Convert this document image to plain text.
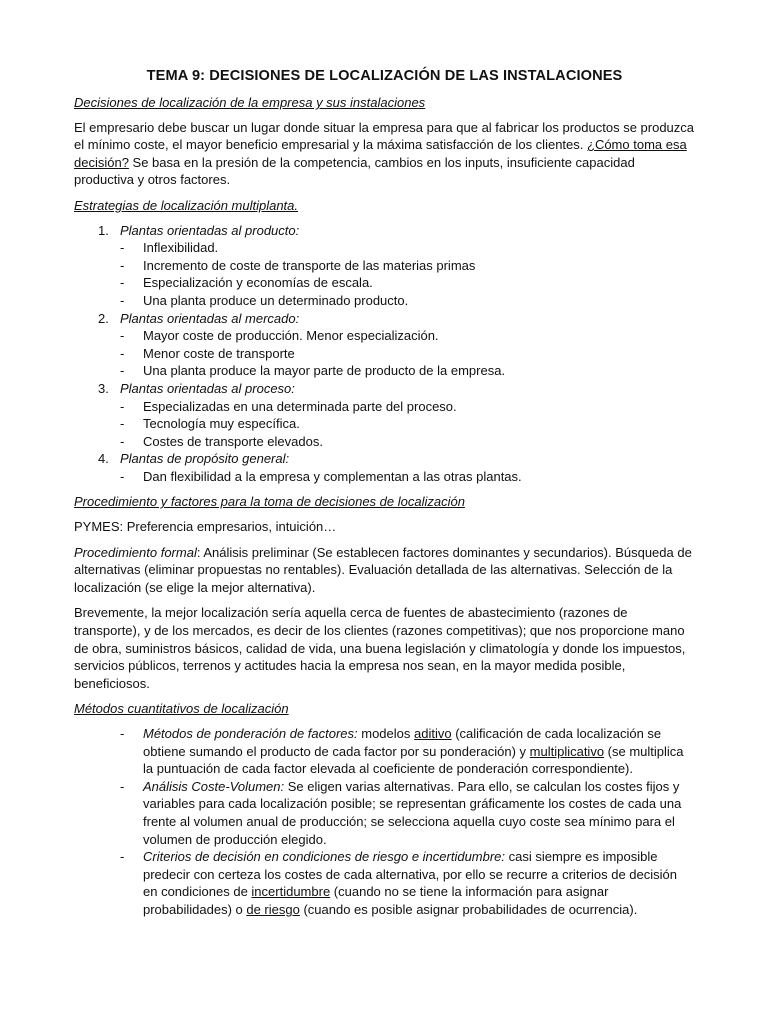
TEMA 9: DECISIONES DE LOCALIZACIÓN DE LAS INSTALACIONES
Decisiones de localización de la empresa y sus instalaciones

El empresario debe buscar un lugar donde situar la empresa para que al fabricar los productos se produzca el mínimo coste, el mayor beneficio empresarial y la máxima satisfacción de los clientes. ¿Cómo toma esa decisión? Se basa en la presión de la competencia, cambios en los inputs, insuficiente capacidad productiva y otros factores.

Estrategias de localización multiplanta.
1. Plantas orientadas al producto:
- Inflexibilidad.
- Incremento de coste de transporte de las materias primas
- Especialización y economías de escala.
- Una planta produce un determinado producto.
2. Plantas orientadas al mercado:
- Mayor coste de producción. Menor especialización.
- Menor coste de transporte
- Una planta produce la mayor parte de producto de la empresa.
3. Plantas orientadas al proceso:
- Especializadas en una determinada parte del proceso.
- Tecnología muy específica.
- Costes de transporte elevados.
4. Plantas de propósito general:
- Dan flexibilidad a la empresa y complementan a las otras plantas.
Procedimiento y factores para la toma de decisiones de localización

PYMES: Preferencia empresarios, intuición…

Procedimiento formal: Análisis preliminar (Se establecen factores dominantes y secundarios). Búsqueda de alternativas (eliminar propuestas no rentables). Evaluación detallada de las alternativas. Selección de la localización (se elige la mejor alternativa).

Brevemente, la mejor localización sería aquella cerca de fuentes de abastecimiento (razones de transporte), y de los mercados, es decir de los clientes (razones competitivas); que nos proporcione mano de obra, suministros básicos, calidad de vida, una buena legislación y climatología y donde los impuestos, servicios públicos, terrenos y actitudes hacia la empresa nos sean, en la mayor medida posible, beneficiosos.

Métodos cuantitativos de localización
- Métodos de ponderación de factores: modelos aditivo (calificación de cada localización se obtiene sumando el producto de cada factor por su ponderación) y multiplicativo (se multiplica la puntuación de cada factor elevada al coeficiente de ponderación correspondiente).
- Análisis Coste-Volumen: Se eligen varias alternativas. Para ello, se calculan los costes fijos y variables para cada localización posible; se representan gráficamente los costes de cada una frente al volumen anual de producción; se selecciona aquella cuyo coste sea mínimo para el volumen de producción elegido.
- Criterios de decisión en condiciones de riesgo e incertidumbre: casi siempre es imposible predecir con certeza los costes de cada alternativa, por ello se recurre a criterios de decisión en condiciones de incertidumbre (cuando no se tiene la información para asignar probabilidades) o de riesgo (cuando es posible asignar probabilidades de ocurrencia).
